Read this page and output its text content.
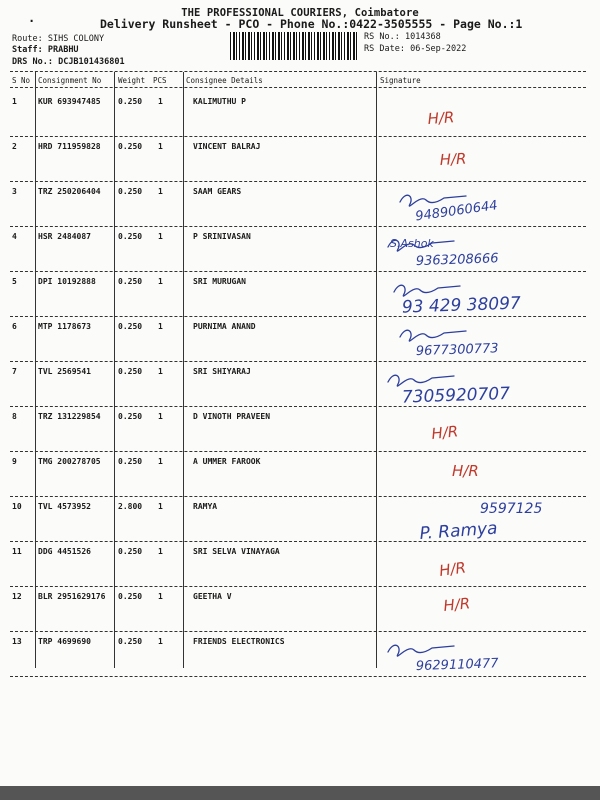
·
THE PROFESSIONAL COURIERS, Coimbatore
Delivery Runsheet - PCO - Phone No.:0422-3505555 - Page No.:1
Route: SIHS COLONY
Staff: PRABHU
DRS No.: DCJB101436801
RS No.: 1014368
RS Date: 06-Sep-2022
S No Consignment No Weight PCS	Consignee Details	Signature
1	KUR 693947485 0.250 1	KALIMUTHU P
H/R
2	HRD 711959828 0.250 1	VINCENT BALRAJ
H/R
3	TRZ 250206404 0.250 1	SAAM GEARS
9489060644
4	HSR 2484087	0.250 1	P SRINIVASAN
S.Ashok
9363208666
5	DPI 10192888	0.250 1	SRI MURUGAN
93 429 38097
6	MTP 1178673	0.250 1	PURNIMA ANAND
9677300773
7	TVL 2569541	0.250 1	SRI SHIYARAJ
7305920707
8	TRZ 131229854 0.250 1	D VINOTH PRAVEEN
H/R
9	TMG 200278705 0.250 1	A UMMER FAROOK
H/R
10 TVL 4573952	2.800 1	RAMYA	9597125
P. Ramya
11 DDG 4451526	0.250 1	SRI SELVA VINAYAGA
H/R
12 BLR 2951629176 0.250 1	GEETHA V	H/R
13 TRP 4699690	0.250 1	FRIENDS ELECTRONICS
9629110477
